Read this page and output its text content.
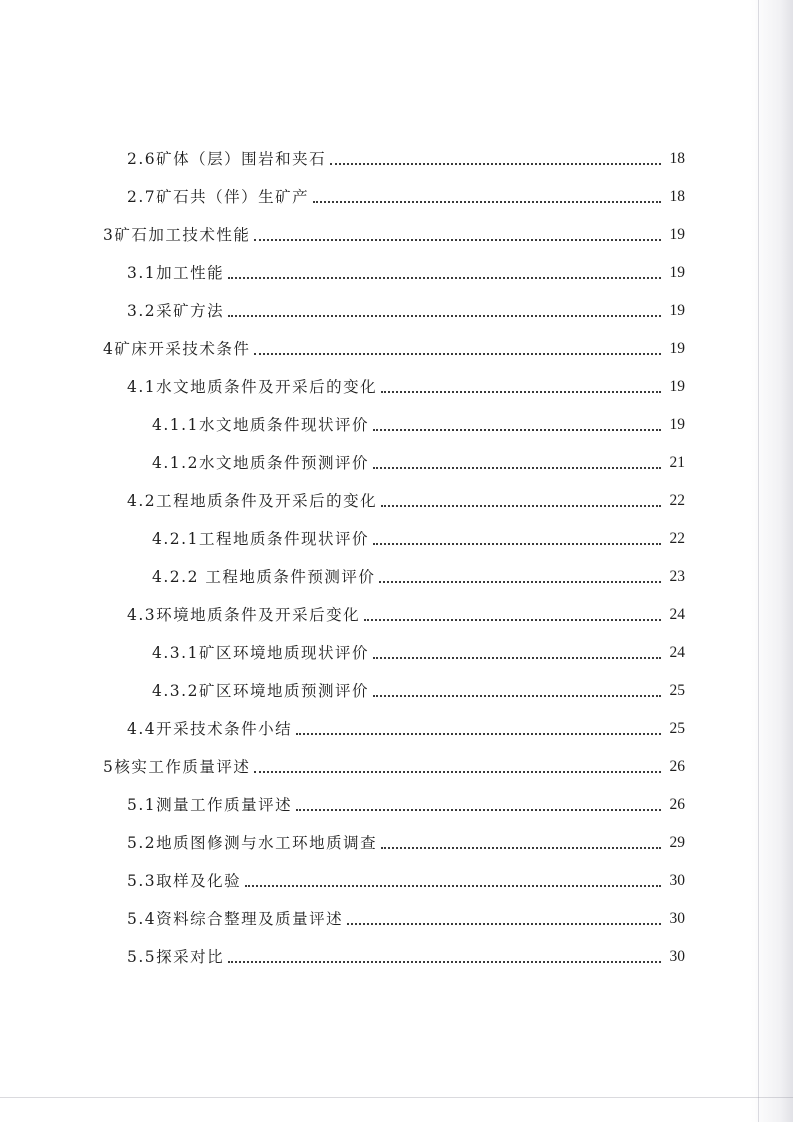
2.6矿体（层）围岩和夹石	18
2.7矿石共（伴）生矿产	18
3矿石加工技术性能	19
3.1加工性能	19
3.2采矿方法	19
4矿床开采技术条件	19
4.1水文地质条件及开采后的变化	19
4.1.1水文地质条件现状评价	19
4.1.2水文地质条件预测评价	21
4.2工程地质条件及开采后的变化	22
4.2.1工程地质条件现状评价	22
4.2.2 工程地质条件预测评价	23
4.3环境地质条件及开采后变化	24
4.3.1矿区环境地质现状评价	24
4.3.2矿区环境地质预测评价	25
4.4开采技术条件小结	25
5核实工作质量评述	26
5.1测量工作质量评述	26
5.2地质图修测与水工环地质调查	29
5.3取样及化验	30
5.4资料综合整理及质量评述	30
5.5探采对比	30
